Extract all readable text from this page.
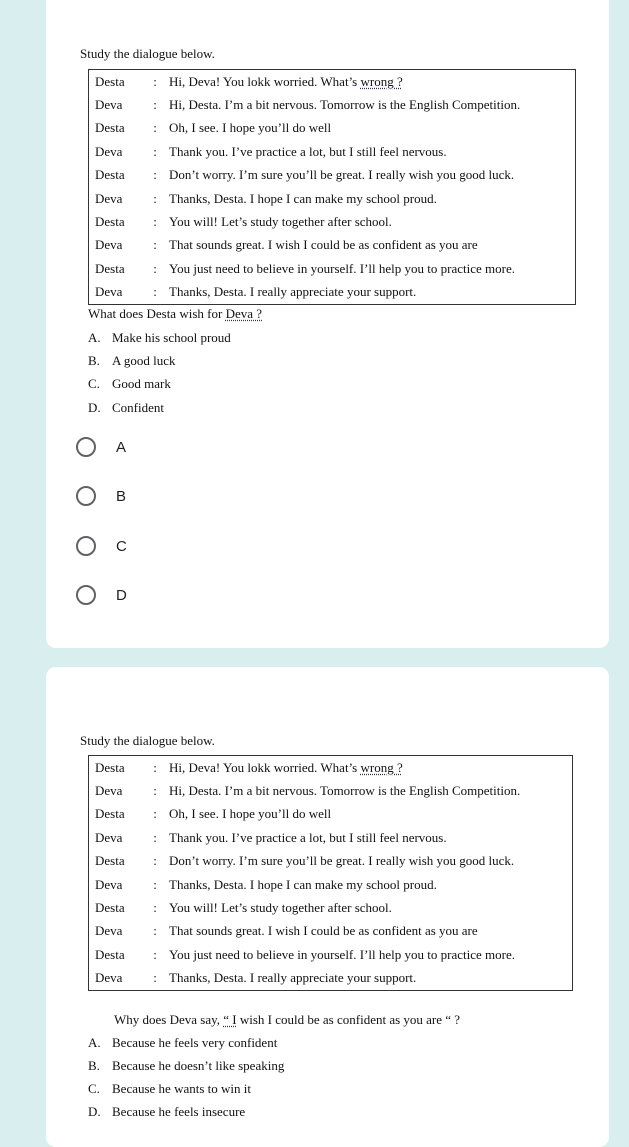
Study the dialogue below.
Desta	:	Hi, Deva! You lokk worried. What’s wrong ?
Deva	:	Hi, Desta. I’m a bit nervous. Tomorrow is the English Competition.
Desta	:	Oh, I see. I hope you’ll do well
Deva	:	Thank you. I’ve practice a lot, but I still feel nervous.
Desta	:	Don’t worry. I’m sure you’ll be great. I really wish you good luck.
Deva	:	Thanks, Desta. I hope I can make my school proud.
Desta	:	You will! Let’s study together after school.
Deva	:	That sounds great. I wish I could be as confident as you are
Desta	:	You just need to believe in yourself. I’ll help you to practice more.
Deva	:	Thanks, Desta. I really appreciate your support.
What does Desta wish for Deva ?
A. Make his school proud
B. A good luck
C. Good mark
D. Confident
A
B
C
D
Study the dialogue below.
Desta	:	Hi, Deva! You lokk worried. What’s wrong ?
Deva	:	Hi, Desta. I’m a bit nervous. Tomorrow is the English Competition.
Desta	:	Oh, I see. I hope you’ll do well
Deva	:	Thank you. I’ve practice a lot, but I still feel nervous.
Desta	:	Don’t worry. I’m sure you’ll be great. I really wish you good luck.
Deva	:	Thanks, Desta. I hope I can make my school proud.
Desta	:	You will! Let’s study together after school.
Deva	:	That sounds great. I wish I could be as confident as you are
Desta	:	You just need to believe in yourself. I’ll help you to practice more.
Deva	:	Thanks, Desta. I really appreciate your support.
Why does Deva say, “ I wish I could be as confident as you are “ ?
A. Because he feels very confident
B. Because he doesn’t like speaking
C. Because he wants to win it
D. Because he feels insecure
